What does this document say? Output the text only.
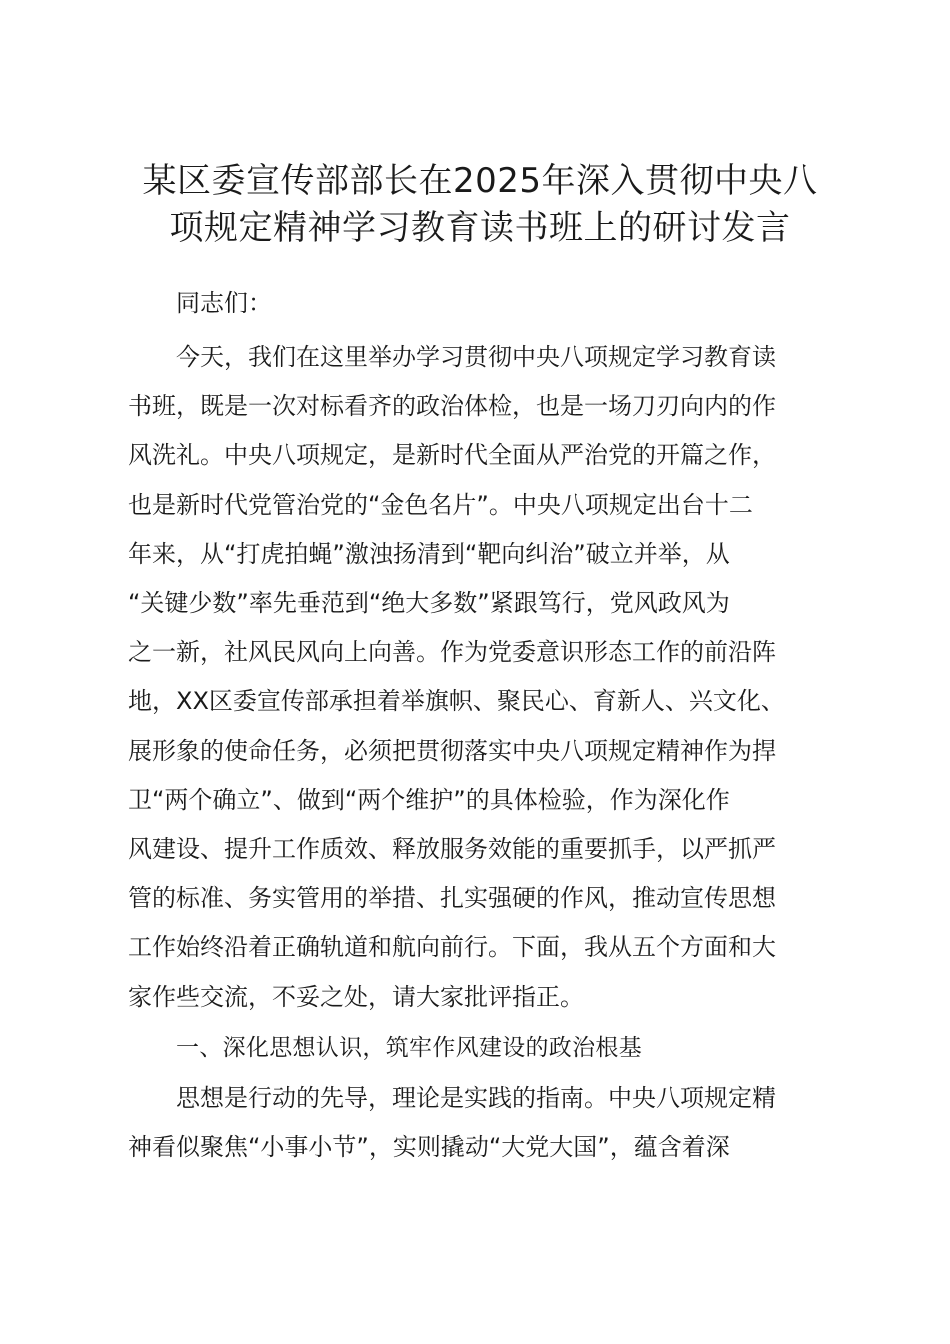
某区委宣传部部长在2025年深入贯彻中央八
项规定精神学习教育读书班上的研讨发言

同志们：

今天，我们在这里举办学习贯彻中央八项规定学习教育读
书班，既是一次对标看齐的政治体检，也是一场刀刃向内的作
风洗礼。中央八项规定，是新时代全面从严治党的开篇之作，
也是新时代党管治党的“金色名片”。中央八项规定出台十二
年来，从“打虎拍蝇”激浊扬清到“靶向纠治”破立并举，从
“关键少数”率先垂范到“绝大多数”紧跟笃行，党风政风为
之一新，社风民风向上向善。作为党委意识形态工作的前沿阵
地，XX区委宣传部承担着举旗帜、聚民心、育新人、兴文化、
展形象的使命任务，必须把贯彻落实中央八项规定精神作为捍
卫“两个确立”、做到“两个维护”的具体检验，作为深化作
风建设、提升工作质效、释放服务效能的重要抓手，以严抓严
管的标准、务实管用的举措、扎实强硬的作风，推动宣传思想
工作始终沿着正确轨道和航向前行。下面，我从五个方面和大
家作些交流，不妥之处，请大家批评指正。

一、深化思想认识，筑牢作风建设的政治根基

思想是行动的先导，理论是实践的指南。中央八项规定精
神看似聚焦“小事小节”，实则撬动“大党大国”，蕴含着深
